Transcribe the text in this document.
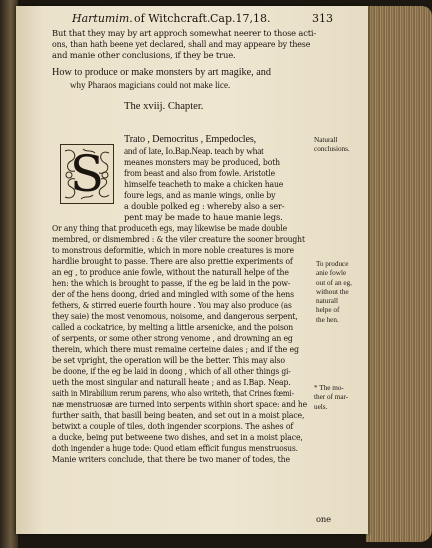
Hartumim. of Witchcraft. Cap.17,18.	313
But that they may by art approch somewhat neerer to those acti-
ons, than hath beene yet declared, shall and may appeare by these
and manie other conclusions, if they be true.
How to produce or make monsters by art magike, and
why Pharaos magicians could not make lice.
The xviij. Chapter.
S
Trato , Democritus , Empedocles,
and of late, Io.Bap.Neap. teach by what
meanes monsters may be produced, both
from beast and also from fowle. Aristotle
himselfe teacheth to make a chicken haue
foure legs, and as manie wings, onlie by
a double polked eg : whereby also a ser-
pent may be made to haue manie legs.
Or any thing that produceth egs, may likewise be made double
membred, or dismembred : & the viler creature the sooner brought
to monstrous deformitie, which in more noble creatures is more
hardlie brought to passe. There are also prettie experiments of
an eg , to produce anie fowle, without the naturall helpe of the
hen: the which is brought to passe, if the eg be laid in the pow-
der of the hens doong, dried and mingled with some of the hens
fethers, & stirred euerie fourth houre . You may also produce (as
they saie) the most venomous, noisome, and dangerous serpent,
called a cockatrice, by melting a little arsenicke, and the poison
of serpents, or some other strong venome , and drowning an eg
therein, which there must remaine certeine daies ; and if the eg
be set vpright, the operation will be the better. This may also
be doone, if the eg be laid in doong , which of all other things gi-
ueth the most singular and naturall heate ; and as I.Bap. Neap.
saith in Mirabilium rerum parens, who also writeth, that Crines fœmi-
næ menstruosæ are turned into serpents within short space: and he
further saith, that basill being beaten, and set out in a moist place,
betwixt a couple of tiles, doth ingender scorpions. The ashes of
a ducke, being put betweene two dishes, and set in a moist place,
doth ingender a huge tode: Quod etiam efficit fungus menstruosus.
Manie writers conclude, that there be two maner of todes, the
one
Naturall
conclusions.
To produce
anie fowle
out of an eg,
without the
naturall
helpe of
the hen.
* The mo-
ther of mar-
uels.
